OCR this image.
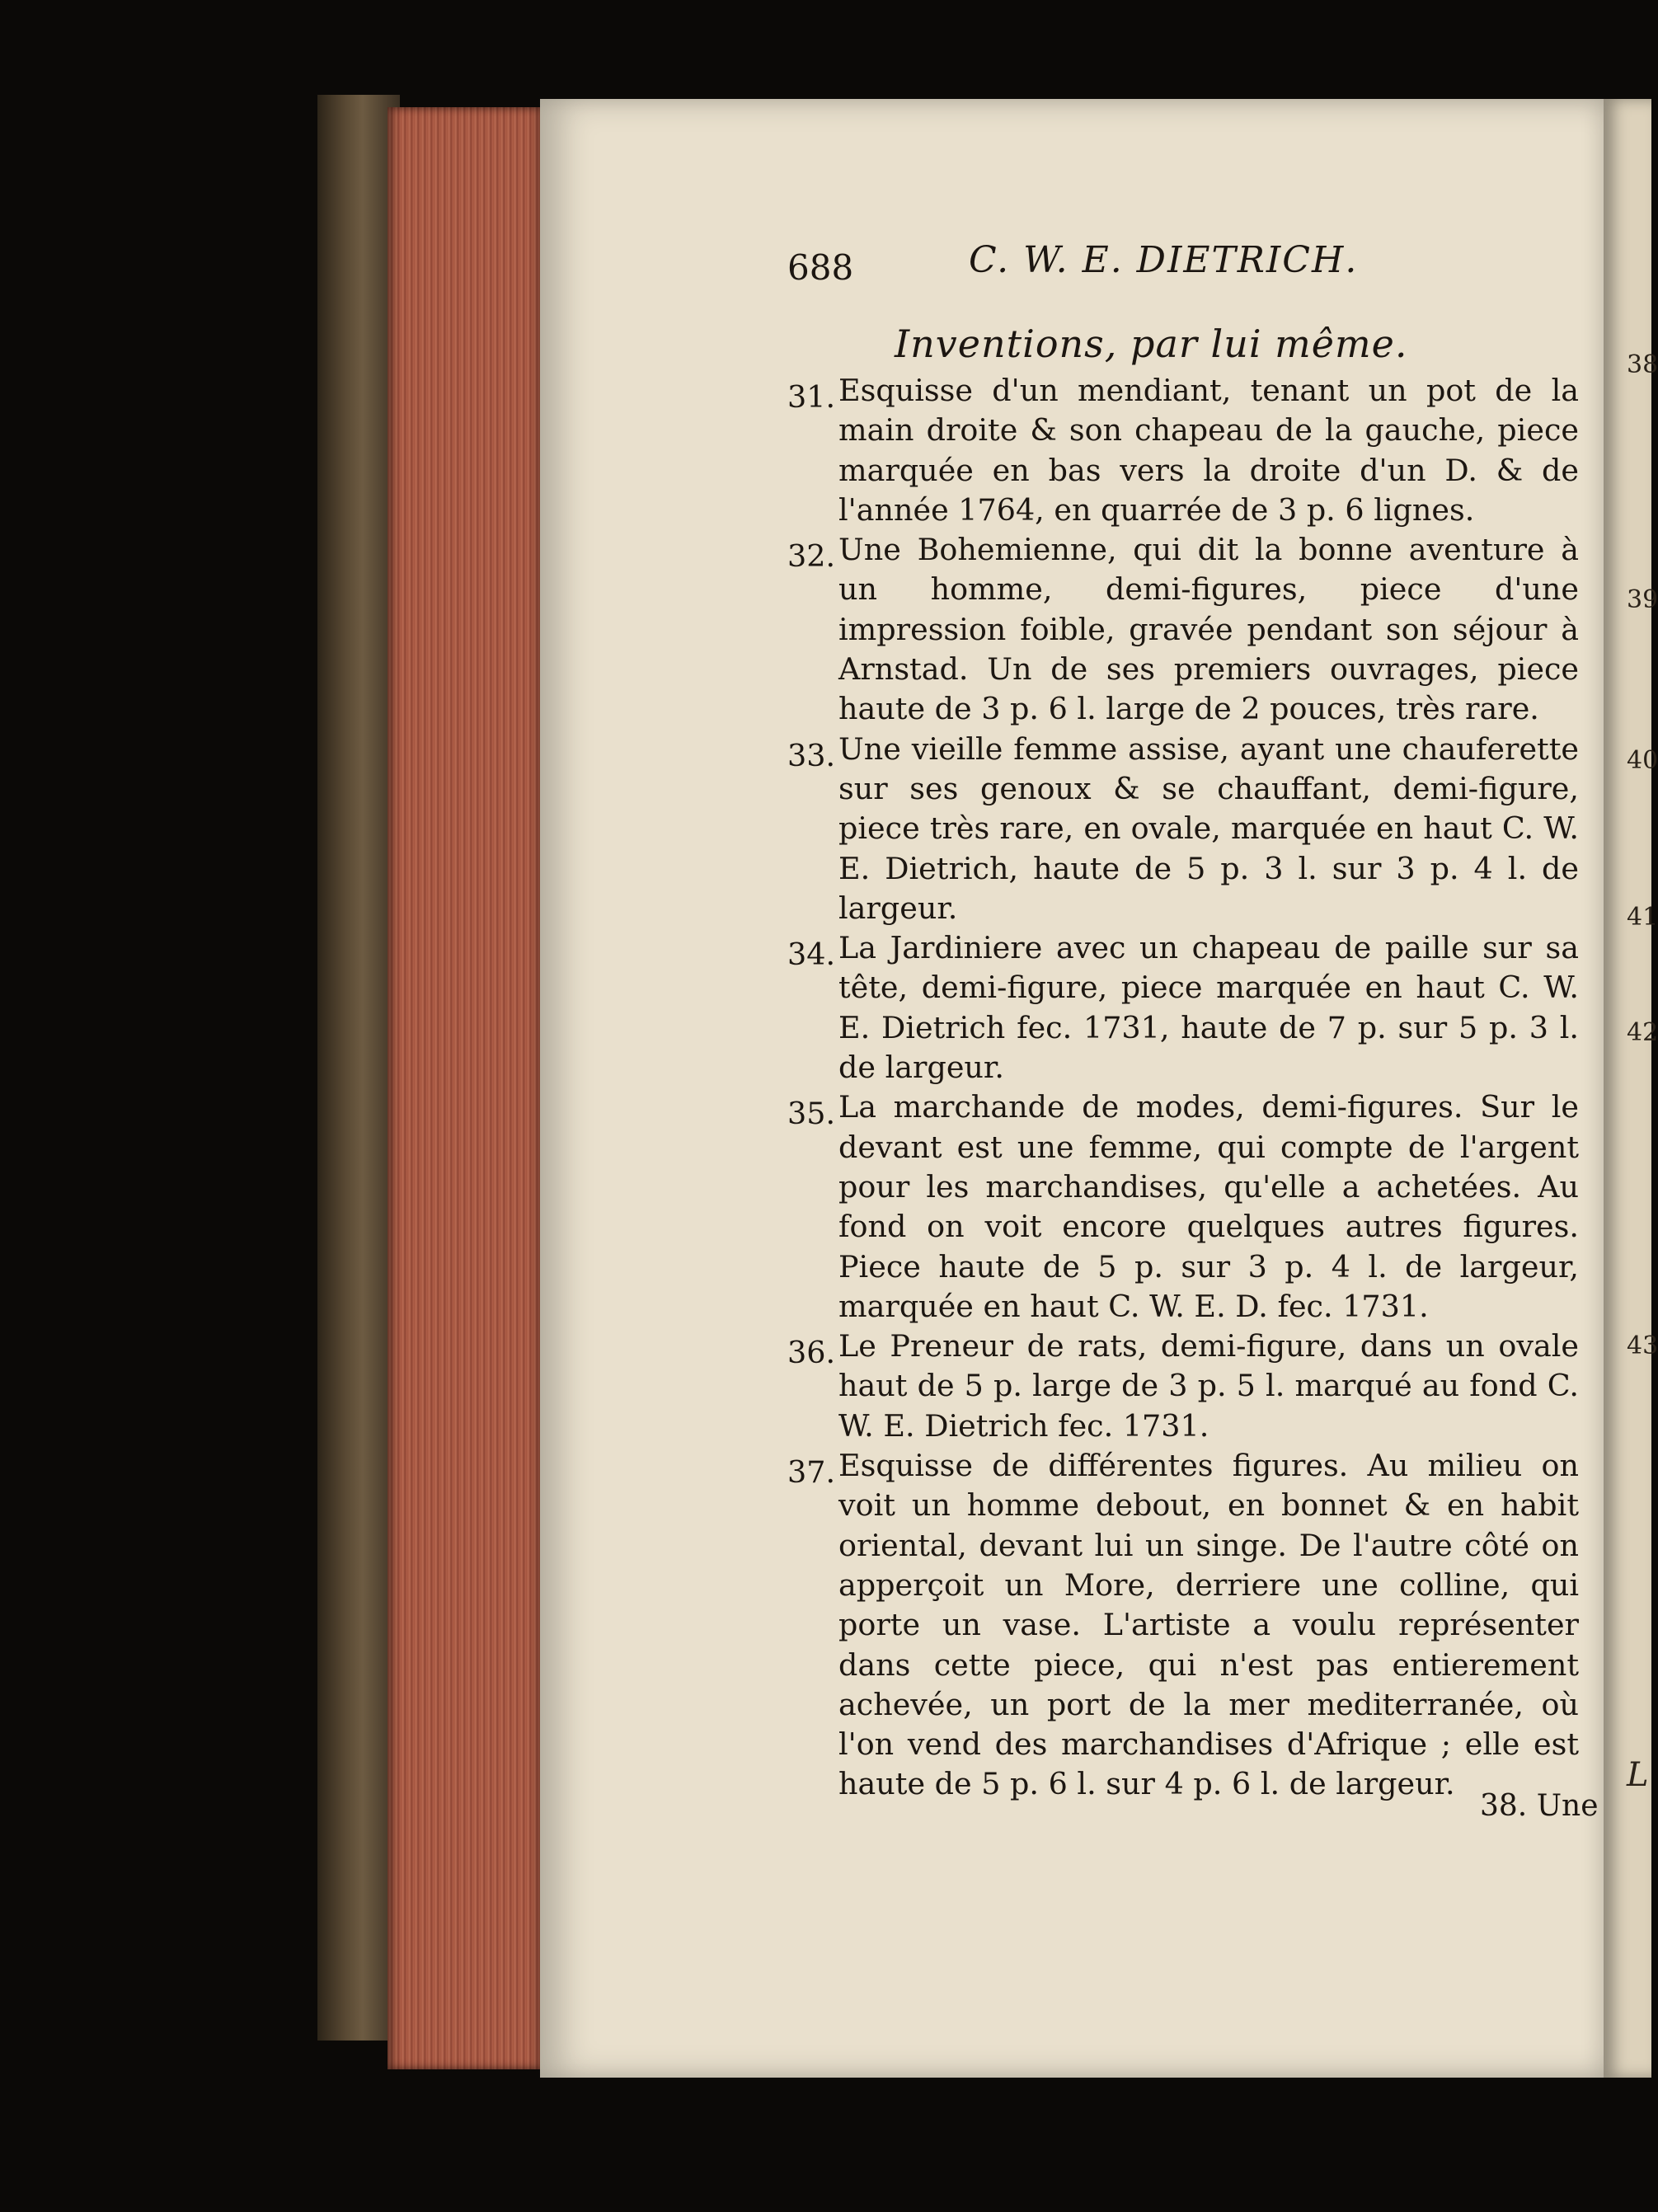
688	C. W. E. DIETRICH.
Inventions, par lui même.
31. Esquisse d'un mendiant, tenant un pot de la main droite & son chapeau de la gauche, piece marquée en bas vers la droite d'un D. & de l'année 1764, en quarrée de 3 p. 6 lignes.
32. Une Bohemienne, qui dit la bonne aventure à un homme, demi-figures, piece d'une impression foible, gravée pendant son séjour à Arnstad. Un de ses premiers ouvrages, piece haute de 3 p. 6 l. large de 2 pouces, très rare.
33. Une vieille femme assise, ayant une chauferette sur ses genoux & se chauffant, demi-figure, piece très rare, en ovale, marquée en haut C. W. E. Dietrich, haute de 5 p. 3 l. sur 3 p. 4 l. de largeur.
34. La Jardiniere avec un chapeau de paille sur sa tête, demi-figure, piece marquée en haut C. W. E. Dietrich fec. 1731, haute de 7 p. sur 5 p. 3 l. de largeur.
35. La marchande de modes, demi-figures. Sur le devant est une femme, qui compte de l'argent pour les marchandises, qu'elle a achetées. Au fond on voit encore quelques autres figures. Piece haute de 5 p. sur 3 p. 4 l. de largeur, marquée en haut C. W. E. D. fec. 1731.
36. Le Preneur de rats, demi-figure, dans un ovale haut de 5 p. large de 3 p. 5 l. marqué au fond C. W. E. Dietrich fec. 1731.
37. Esquisse de différentes figures. Au milieu on voit un homme debout, en bonnet & en habit oriental, devant lui un singe. De l'autre côté on apperçoit un More, derriere une colline, qui porte un vase. L'artiste a voulu représenter dans cette piece, qui n'est pas entierement achevée, un port de la mer mediterranée, où l'on vend des marchandises d'Afrique ; elle est haute de 5 p. 6 l. sur 4 p. 6 l. de largeur.
38. Une
38
39
40
41
42
43
L
